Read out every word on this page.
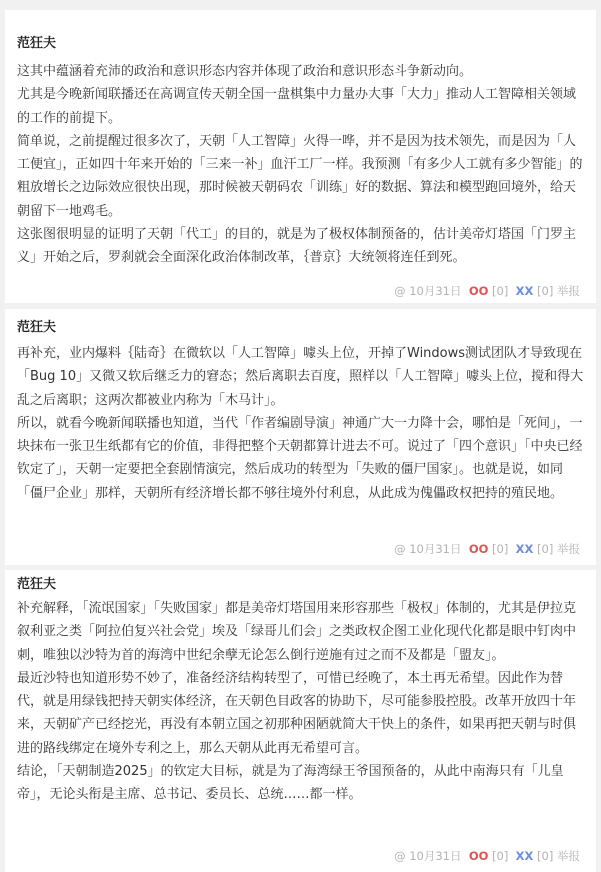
范狂夫

这其中蕴涵着充沛的政治和意识形态内容并体现了政治和意识形态斗争新动向。

尤其是今晚新闻联播还在高调宣传天朝全国一盘棋集中力量办大事「大力」推动人工智障相关领域的工作的前提下。

简单说，之前提醒过很多次了，天朝「人工智障」火得一哗，并不是因为技术领先，而是因为「人工便宜」，正如四十年来开始的「三来一补」血汗工厂一样。我预测「有多少人工就有多少智能」的粗放增长之边际效应很快出现，那时候被天朝码农「训练」好的数据、算法和模型跑回境外，给天朝留下一地鸡毛。

这张图很明显的证明了天朝「代工」的目的，就是为了极权体制预备的，估计美帝灯塔国「门罗主义」开始之后，罗刹就会全面深化政治体制改革，｛普京｝大统领将连任到死。

@
10月31日
OO
[0]
XX
[0]
举报
范狂夫

再补充，业内爆料｛陆奇｝在微软以「人工智障」噱头上位，开掉了Windows测试团队才导致现在「Bug 10」又微又软后继乏力的窘态；然后离职去百度，照样以「人工智障」噱头上位，搅和得大乱之后离职；这两次都被业内称为「木马计」。

所以，就看今晚新闻联播也知道，当代「作者编剧导演」神通广大一力降十会，哪怕是「死间」，一块抹布一张卫生纸都有它的价值，非得把整个天朝都算计进去不可。说过了「四个意识」「中央已经钦定了」，天朝一定要把全套剧情演完，然后成功的转型为「失败的僵尸国家」。也就是说，如同「僵尸企业」那样，天朝所有经济增长都不够往境外付利息，从此成为傀儡政权把持的殖民地。

@
10月31日
OO
[0]
XX
[0]
举报
范狂夫

补充解释，「流氓国家」「失败国家」都是美帝灯塔国用来形容那些「极权」体制的，尤其是伊拉克叙利亚之类「阿拉伯复兴社会党」埃及「绿哥儿们会」之类政权企图工业化现代化都是眼中钉肉中刺，唯独以沙特为首的海湾中世纪余孽无论怎么倒行逆施有过之而不及都是「盟友」。

最近沙特也知道形势不妙了，准备经济结构转型了，可惜已经晚了，本土再无希望。因此作为替代，就是用绿钱把持天朝实体经济，在天朝色目政客的协助下，尽可能参股控股。改革开放四十年来，天朝矿产已经挖光，再没有本朝立国之初那种困陋就简大干快上的条件，如果再把天朝与时俱进的路线绑定在境外专利之上，那么天朝从此再无希望可言。

结论，「天朝制造2025」的钦定大目标，就是为了海湾绿王爷国预备的，从此中南海只有「儿皇帝」，无论头衔是主席、总书记、委员长、总统……都一样。

@
10月31日
OO
[0]
XX
[0]
举报
